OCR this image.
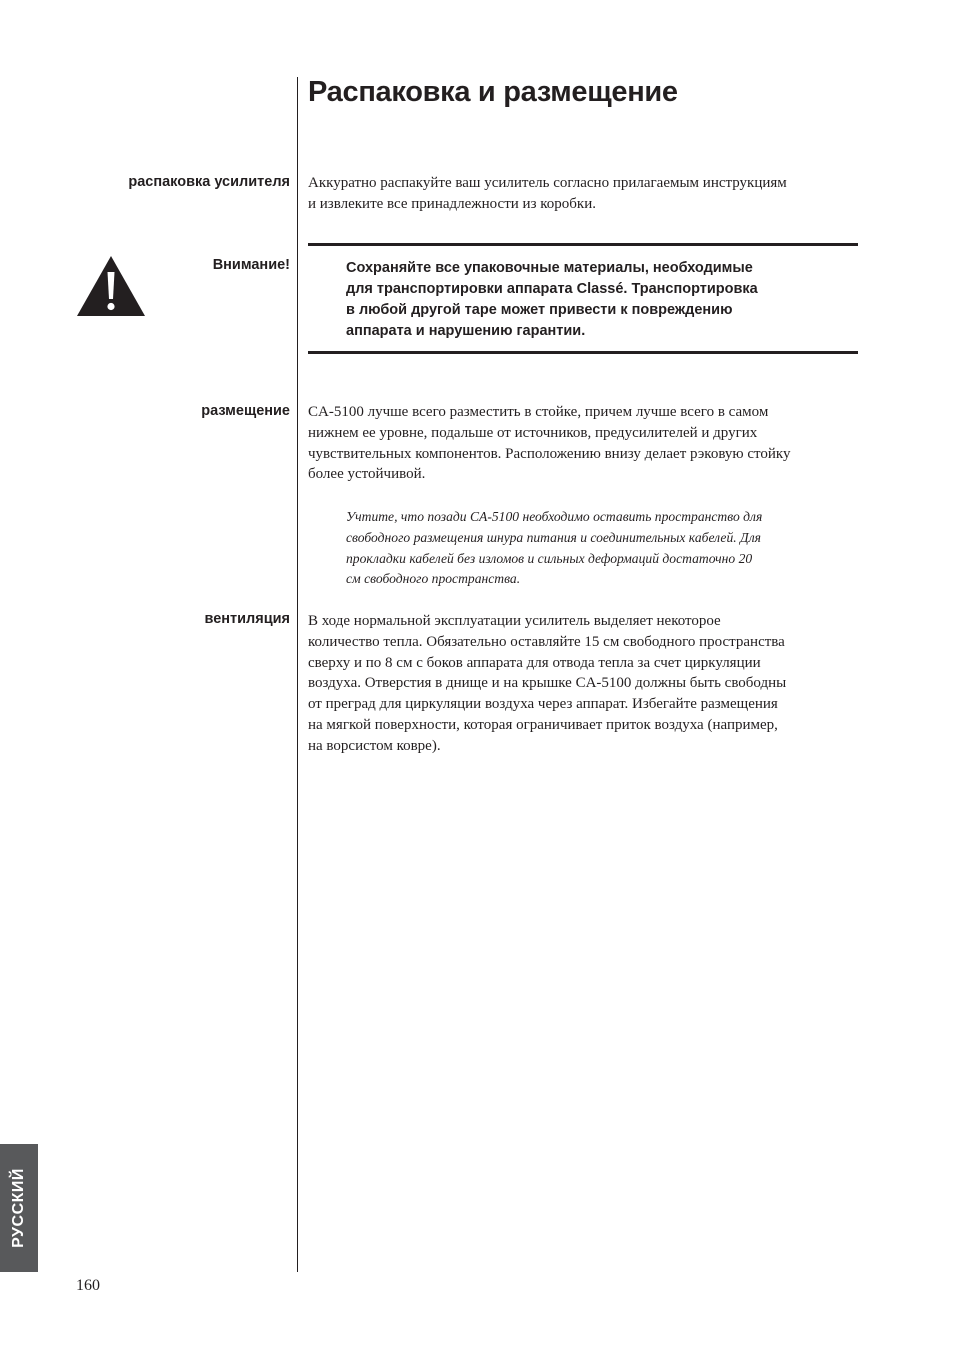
Распаковка и размещение
распаковка усилителя Аккуратно распакуйте ваш усилитель согласно прилагаемым инструкциям
и извлеките все принадлежности из коробки.

Внимание!	Сохраняйте все упаковочные материалы, необходимые
для транспортировки аппарата Classé. Транспортировка
в любой другой таре может привести к повреждению
аппарата и нарушению гарантии.

размещение CA-5100 лучше всего разместить в стойке, причем лучше всего в самом
нижнем ее уровне, подальше от источников, предусилителей и других
чувствительных компонентов. Расположению внизу делает рэковую стойку
более устойчивой.

Учтите, что позади CA-5100 необходимо оставить пространство для
свободного размещения шнура питания и соединительных кабелей. Для
прокладки кабелей без изломов и сильных деформаций достаточно 20
см свободного пространства.

вентиляция В ходе нормальной эксплуатации усилитель выделяет некоторое
количество тепла. Обязательно оставляйте 15 см свободного пространства
сверху и по 8 см с боков аппарата для отвода тепла за счет циркуляции
воздуха. Отверстия в днище и на крышке CA-5100 должны быть свободны
от преград для циркуляции воздуха через аппарат. Избегайте размещения
на мягкой поверхности, которая ограничивает приток воздуха (например,
на ворсистом ковре).

РУССКИЙ
160
